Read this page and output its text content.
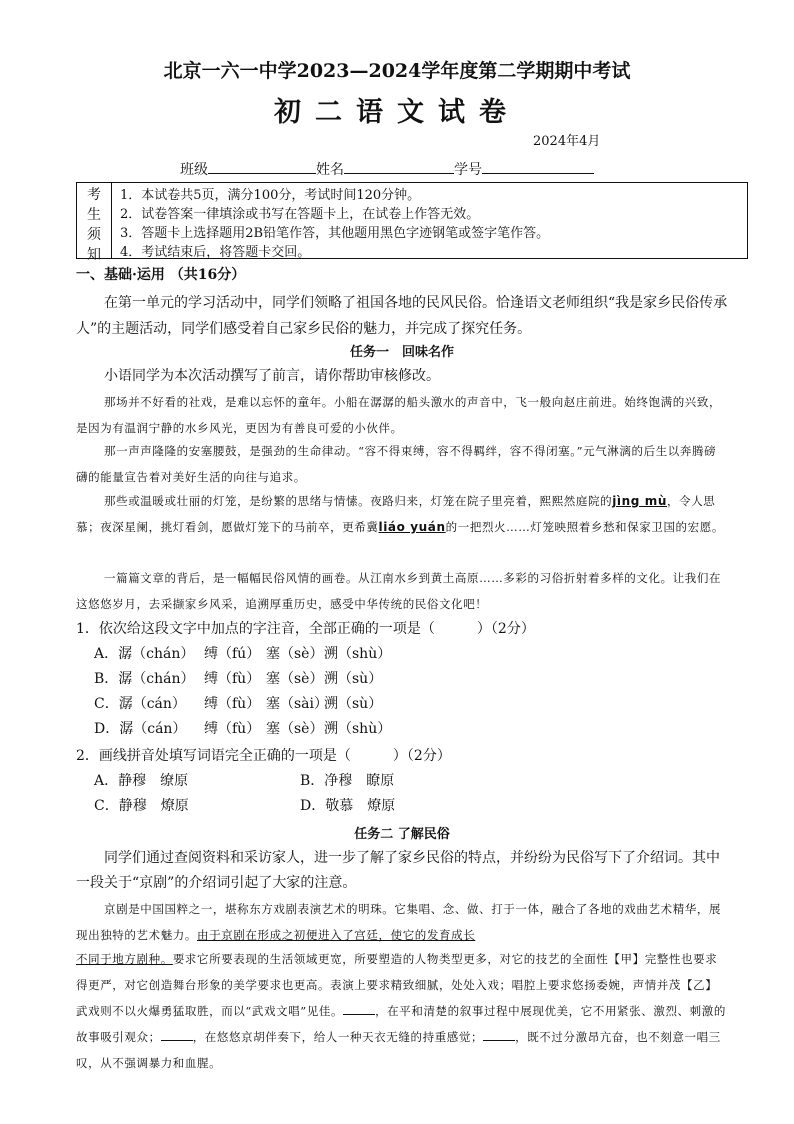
北京一六一中学2023—2024学年度第二学期期中考试
初二语文试卷
2024年4月
班级	姓名	学号
考
生
须
知
1．本试卷共5页，满分100分，考试时间120分钟。
2．试卷答案一律填涂或书写在答题卡上，在试卷上作答无效。
3．答题卡上选择题用2B铅笔作答，其他题用黑色字迹钢笔或签字笔作答。
4．考试结束后，将答题卡交回。
一、基础·运用 （共16分）
在第一单元的学习活动中，同学们领略了祖国各地的民风民俗。恰逢语文老师组织“我是家乡民俗传承人”的主题活动，同学们感受着自己家乡民俗的魅力，并完成了探究任务。
任务一　回味名作
小语同学为本次活动撰写了前言，请你帮助审核修改。
那场并不好看的社戏，是难以忘怀的童年。小船在潺潺的船头激水的声音中，飞一般向赵庄前进。始终饱满的兴致，是因为有温润宁静的水乡风光，更因为有善良可爱的小伙伴。
那一声声隆隆的安塞腰鼓，是强劲的生命律动。“容不得束缚，容不得羁绊，容不得闭塞。”元气淋漓的后生以奔腾磅礴的能量宣告着对美好生活的向往与追求。
那些或温暖或壮丽的灯笼，是纷繁的思绪与情愫。夜路归来，灯笼在院子里亮着，熙熙然庭院的jìng mù，令人思慕；夜深星阑，挑灯看剑，愿做灯笼下的马前卒，更希冀liáo yuán的一把烈火……灯笼映照着乡愁和保家卫国的宏愿。
一篇篇文章的背后，是一幅幅民俗风情的画卷。从江南水乡到黄土高原……多彩的习俗折射着多样的文化。让我们在这悠悠岁月，去采撷家乡风采，追溯厚重历史，感受中华传统的民俗文化吧！
1．依次给这段文字中加点的字注音，全部正确的一项是（　　　）（2分）
A．潺（chán） 缚（fú） 塞（sè） 溯（shù）
B．潺（chán） 缚（fù） 塞（sè） 溯（sù）
C．潺（cán）	缚（fù） 塞（sài）
溯（sù）
D．潺（cán）	缚（fù） 塞（sè） 溯（shù）
2．画线拼音处填写词语完全正确的一项是（　　　）（2分）
A．静穆　缭原	B．净穆　瞭原
C．静穆　燎原	D．敬慕　燎原
任务二 了解民俗
同学们通过查阅资料和采访家人，进一步了解了家乡民俗的特点，并纷纷为民俗写下了介绍词。其中一段关于“京剧”的介绍词引起了大家的注意。
京剧是中国国粹之一，堪称东方戏剧表演艺术的明珠。它集唱、念、做、打于一体，融合了各地的戏曲艺术精华，展现出独特的艺术魅力。由于京剧在形成之初便进入了宫廷，使它的发育成长
不同于地方剧种。要求它所要表现的生活领域更宽，所要塑造的人物类型更多，对它的技艺的全面性【甲】完整性也要求得更严，对它创造舞台形象的美学要求也更高。表演上要求精致细腻，处处入戏；唱腔上要求悠扬委婉，声情并茂【乙】武戏则不以火爆勇猛取胜，而以“武戏文唱”见佳。	，在平和清楚的叙事过程中展现优美，它不用紧张、激烈、刺激的故事吸引观众；	，在悠悠京胡伴奏下，给人一种天衣无缝的持重感觉；	，既不过分激昂亢奋，也不刻意一唱三叹，从不强调暴力和血腥。
